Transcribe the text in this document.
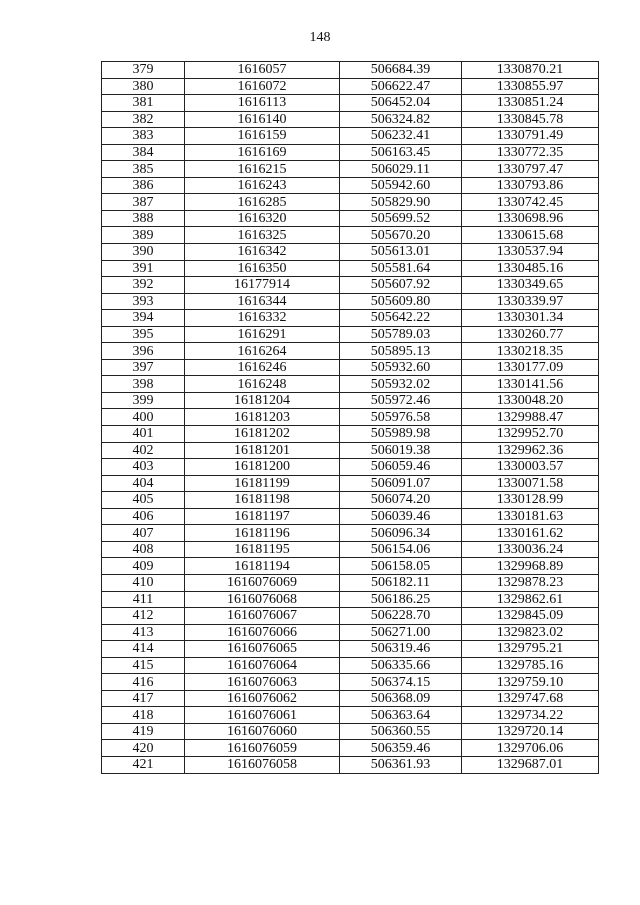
148
379	1616057	506684.39	1330870.21
380	1616072	506622.47	1330855.97
381	1616113	506452.04	1330851.24
382	1616140	506324.82	1330845.78
383	1616159	506232.41	1330791.49
384	1616169	506163.45	1330772.35
385	1616215	506029.11	1330797.47
386	1616243	505942.60	1330793.86
387	1616285	505829.90	1330742.45
388	1616320	505699.52	1330698.96
389	1616325	505670.20	1330615.68
390	1616342	505613.01	1330537.94
391	1616350	505581.64	1330485.16
392	16177914	505607.92	1330349.65
393	1616344	505609.80	1330339.97
394	1616332	505642.22	1330301.34
395	1616291	505789.03	1330260.77
396	1616264	505895.13	1330218.35
397	1616246	505932.60	1330177.09
398	1616248	505932.02	1330141.56
399	16181204	505972.46	1330048.20
400	16181203	505976.58	1329988.47
401	16181202	505989.98	1329952.70
402	16181201	506019.38	1329962.36
403	16181200	506059.46	1330003.57
404	16181199	506091.07	1330071.58
405	16181198	506074.20	1330128.99
406	16181197	506039.46	1330181.63
407	16181196	506096.34	1330161.62
408	16181195	506154.06	1330036.24
409	16181194	506158.05	1329968.89
410	1616076069	506182.11	1329878.23
411	1616076068	506186.25	1329862.61
412	1616076067	506228.70	1329845.09
413	1616076066	506271.00	1329823.02
414	1616076065	506319.46	1329795.21
415	1616076064	506335.66	1329785.16
416	1616076063	506374.15	1329759.10
417	1616076062	506368.09	1329747.68
418	1616076061	506363.64	1329734.22
419	1616076060	506360.55	1329720.14
420	1616076059	506359.46	1329706.06
421	1616076058	506361.93	1329687.01
